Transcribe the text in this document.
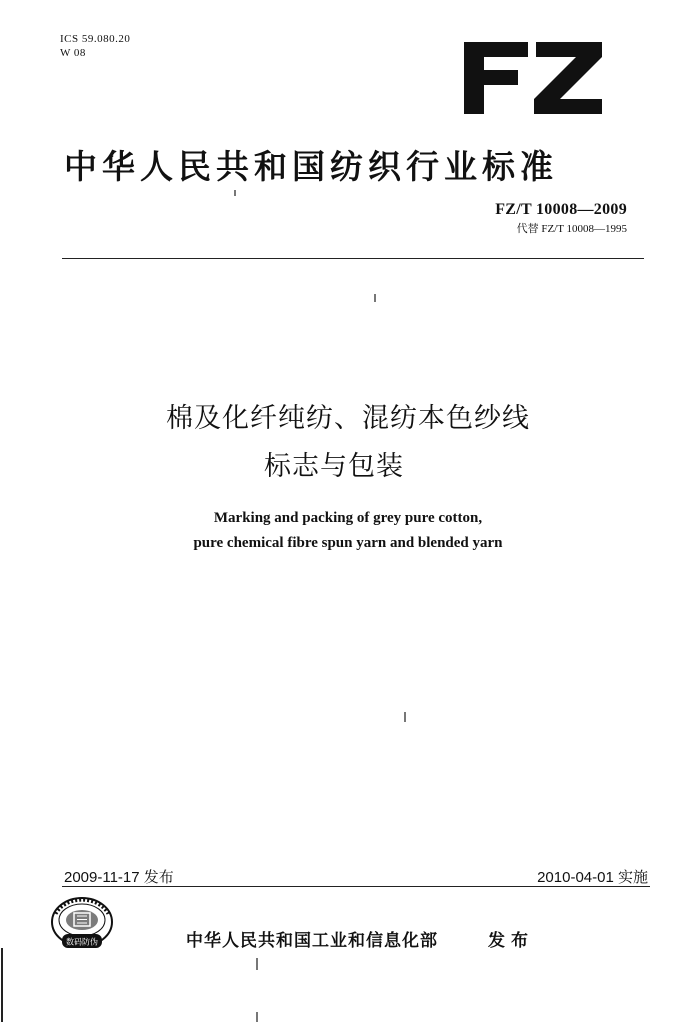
ICS 59.080.20
W 08
中华人民共和国纺织行业标准
FZ/T 10008—2009
代替 FZ/T 10008—1995
棉及化纤纯纺、混纺本色纱线
标志与包装
Marking and packing of grey pure cotton,
pure chemical fibre spun yarn and blended yarn
2009-11-17 发布	2010-04-01 实施
数码防伪	中华人民共和国工业和信息化部	发布
